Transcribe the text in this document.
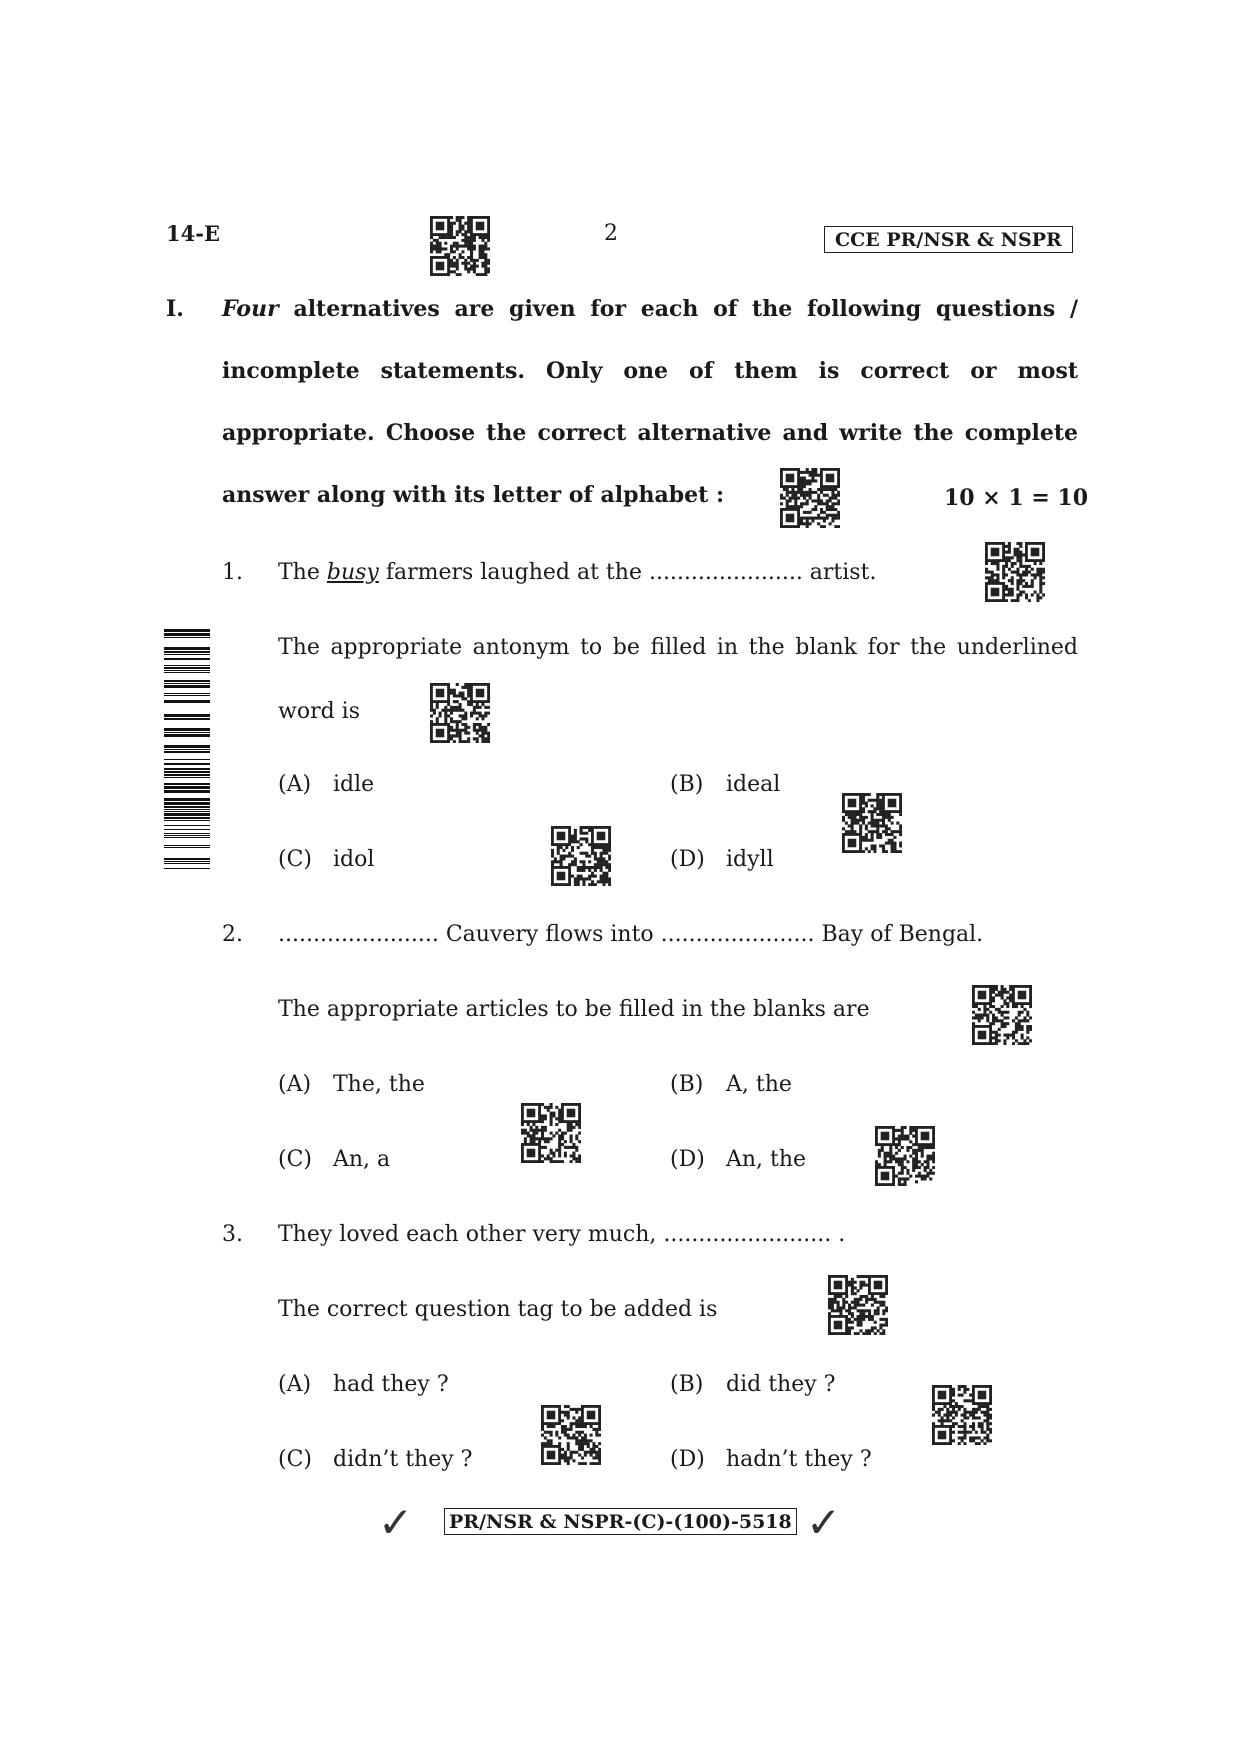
14-E	2	CCE PR/NSR & NSPR
I. Four alternatives are given for each of the following questions /
incomplete statements. Only one of them is correct or most
appropriate. Choose the correct alternative and write the complete
answer along with its letter of alphabet :	10 × 1 = 10
1. The busy farmers laughed at the ...................... artist.
The appropriate antonym to be filled in the blank for the underlined
word is
(A) idle	(B) ideal
(C) idol	(D) idyll
2. ....................... Cauvery flows into ...................... Bay of Bengal.
The appropriate articles to be filled in the blanks are
(A) The, the	(B) A, the
(C) An, a	(D) An, the
3. They loved each other very much, ........................ .
The correct question tag to be added is
(A) had they ?	(B) did they ?
(C) didn’t they ?	(D) hadn’t they ?
✓ PR/NSR & NSPR-(C)-(100)-5518 ✓
